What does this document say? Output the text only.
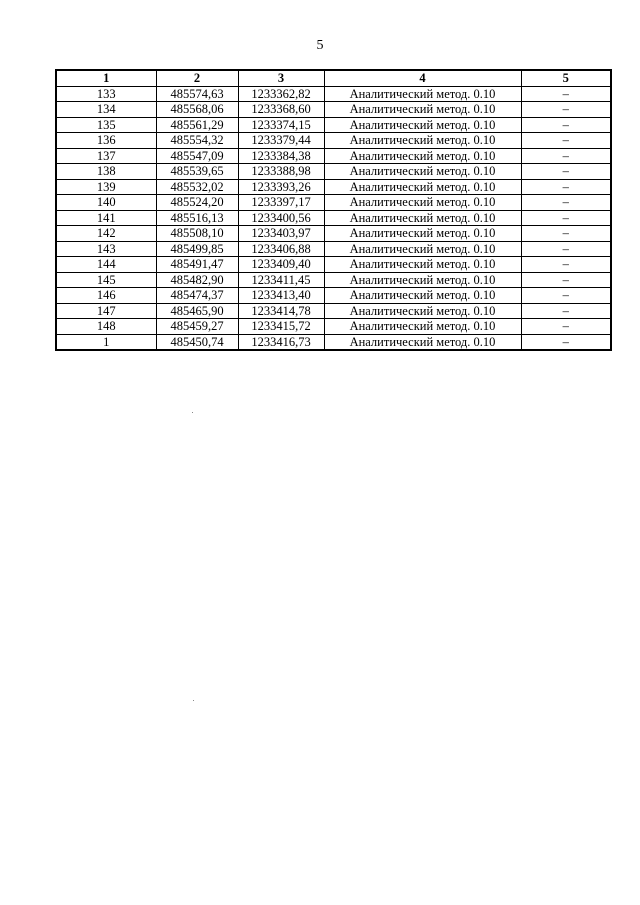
5
1	2	3	4	5
133	485574,63	1233362,82	Аналитический метод. 0.10	–
134	485568,06	1233368,60	Аналитический метод. 0.10	–
135	485561,29	1233374,15	Аналитический метод. 0.10	–
136	485554,32	1233379,44	Аналитический метод. 0.10	–
137	485547,09	1233384,38	Аналитический метод. 0.10	–
138	485539,65	1233388,98	Аналитический метод. 0.10	–
139	485532,02	1233393,26	Аналитический метод. 0.10	–
140	485524,20	1233397,17	Аналитический метод. 0.10	–
141	485516,13	1233400,56	Аналитический метод. 0.10	–
142	485508,10	1233403,97	Аналитический метод. 0.10	–
143	485499,85	1233406,88	Аналитический метод. 0.10	–
144	485491,47	1233409,40	Аналитический метод. 0.10	–
145	485482,90	1233411,45	Аналитический метод. 0.10	–
146	485474,37	1233413,40	Аналитический метод. 0.10	–
147	485465,90	1233414,78	Аналитический метод. 0.10	–
148	485459,27	1233415,72	Аналитический метод. 0.10	–
1	485450,74	1233416,73	Аналитический метод. 0.10	–
